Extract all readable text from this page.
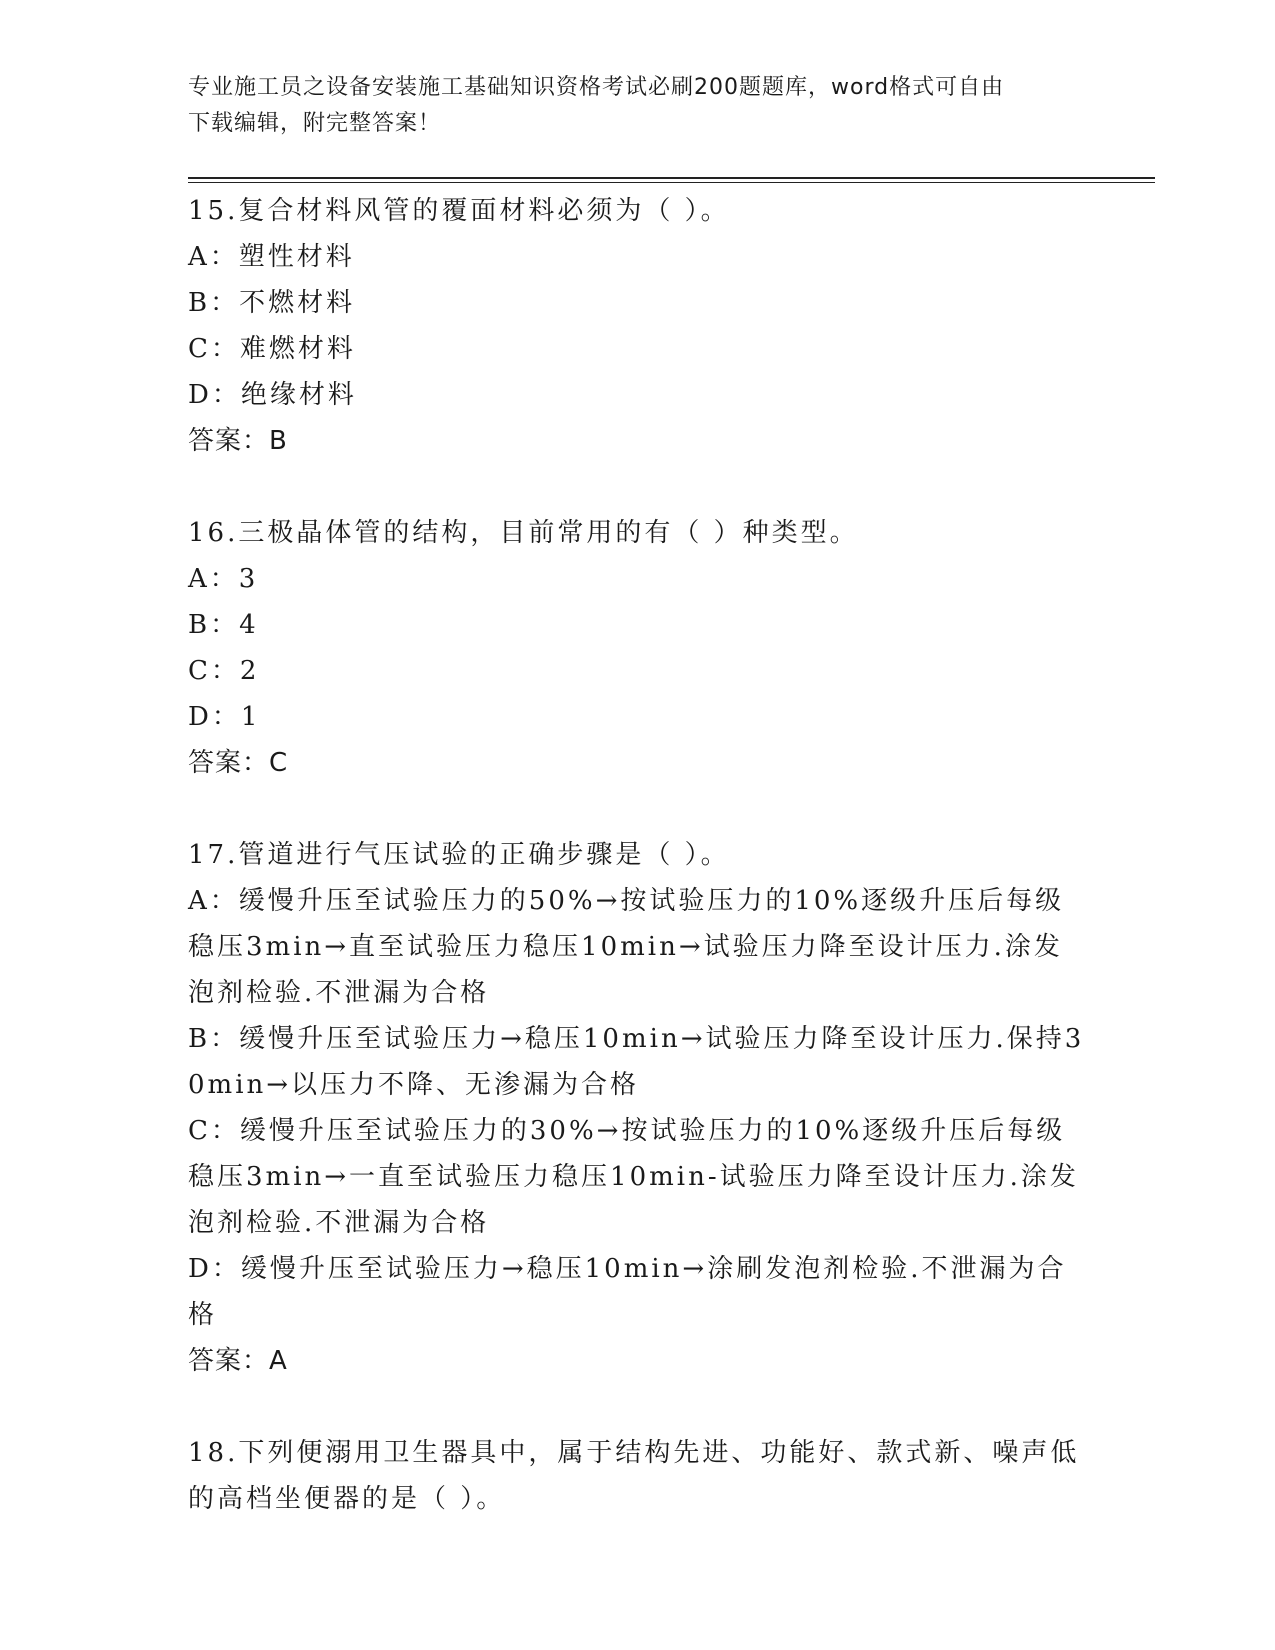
专业施工员之设备安装施工基础知识资格考试必刷200题题库，word格式可自由
下载编辑，附完整答案！

15.复合材料风管的覆面材料必须为（ ）。

A：塑性材料

B：不燃材料

C：难燃材料

D：绝缘材料

答案：B

16.三极晶体管的结构，目前常用的有（ ）种类型。

A：3

B：4

C：2

D：1

答案：C

17.管道进行气压试验的正确步骤是（ ）。

A：缓慢升压至试验压力的50%→按试验压力的10%逐级升压后每级稳压3min→直至试验压力稳压10min→试验压力降至设计压力.涂发泡剂检验.不泄漏为合格

B：缓慢升压至试验压力→稳压10min→试验压力降至设计压力.保持30min→以压力不降、无渗漏为合格

C：缓慢升压至试验压力的30%→按试验压力的10%逐级升压后每级稳压3min→一直至试验压力稳压10min-试验压力降至设计压力.涂发泡剂检验.不泄漏为合格

D：缓慢升压至试验压力→稳压10min→涂刷发泡剂检验.不泄漏为合格

答案：A

18.下列便溺用卫生器具中，属于结构先进、功能好、款式新、噪声低的高档坐便器的是（ ）。
